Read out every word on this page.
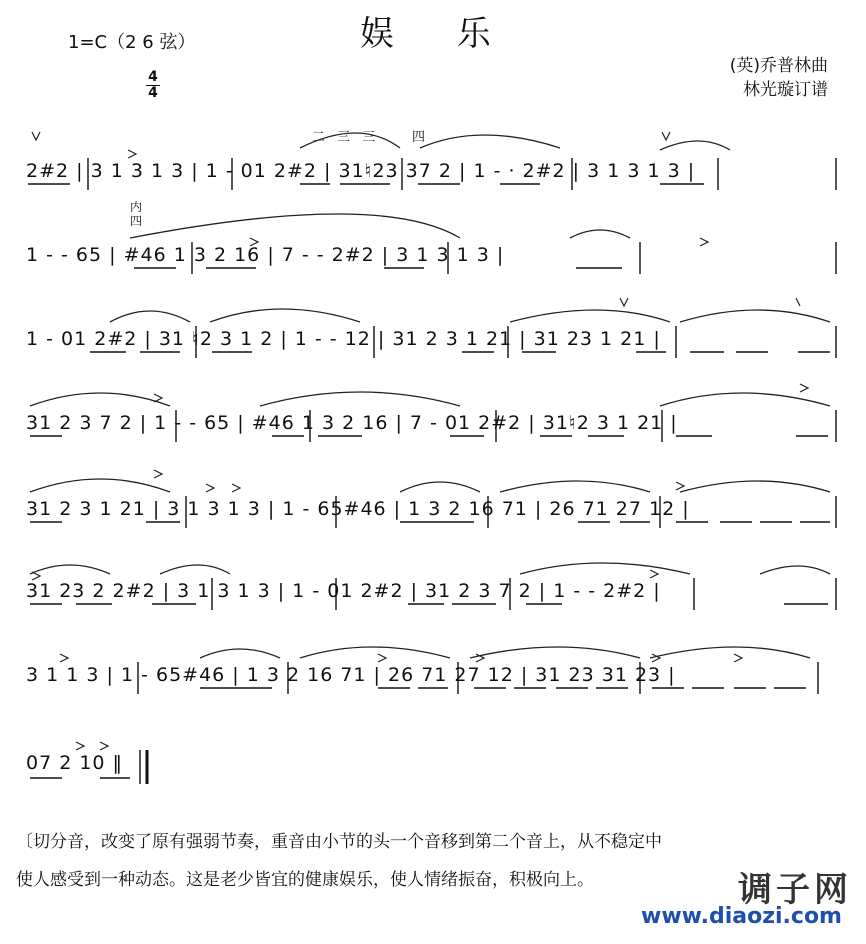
娱 乐
1=C（2 6 弦）
4
4
(英)乔普林曲
林光璇订谱
二 三 三	四
内
四
2#2 | 3 1 3 1 3 | 1 - 01 2#2 | 31♮23 37 2 | 1 - · 2#2 | 3 1 3 1 3 |
1 - - 65 | #46 1 3 2 16 | 7 - - 2#2 | 3 1 3 1 3 |
1 - 01 2#2 | 31 ♮2 3 1 2 | 1 - - 12 | 31 2 3 1 21 | 31 23 1 21 |
31 2 3 7 2 | 1 - - 65 | #46 1 3 2 16 | 7 - 01 2#2 | 31♮2 3 1 21 |
31 2 3 1 21 | 3 1 3 1 3 | 1 - 65#46 | 1 3 2 16 71 | 26 71 27 12 |
31 23 2 2#2 | 3 1 3 1 3 | 1 - 01 2#2 | 31 2 3 7 2 | 1 - - 2#2 |
3 1 1 3 | 1 - 65#46 | 1 3 2 16 71 | 26 71 27 12 | 31 23 31 23 |
07 2 10 ‖
〔切分音，改变了原有强弱节奏，重音由小节的头一个音移到第二个音上，从不稳定中
使人感受到一种动态。这是老少皆宜的健康娱乐，使人情绪振奋，积极向上。	调子网
www.diaozi.com
